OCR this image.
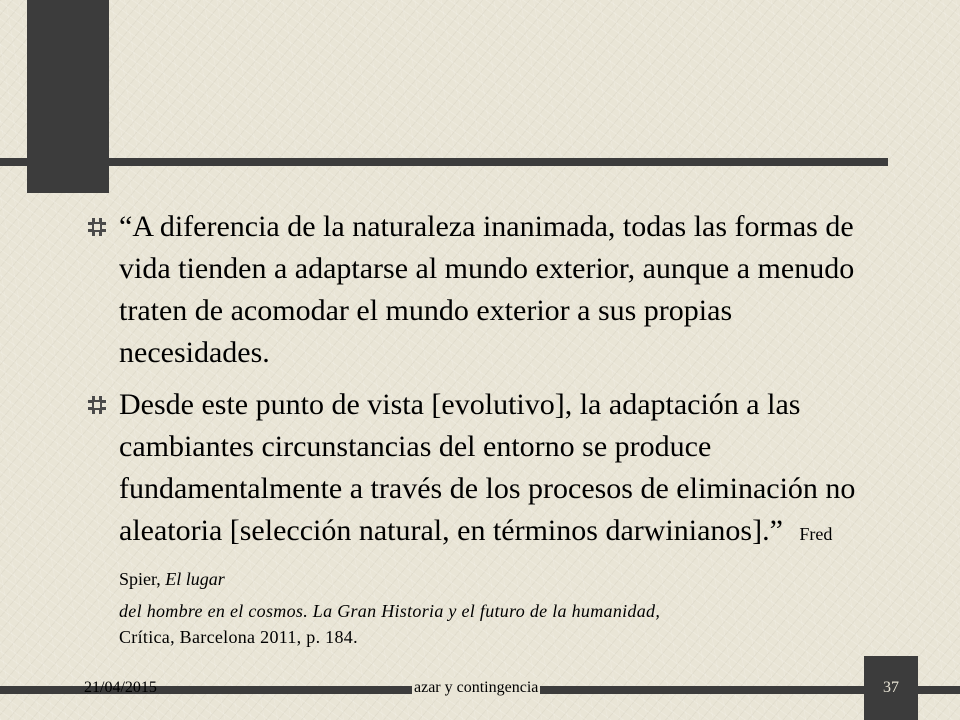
“A diferencia de la naturaleza inanimada, todas las formas de vida tienden a adaptarse al mundo exterior, aunque a menudo traten de acomodar el mundo exterior a sus propias necesidades.
Desde este punto de vista [evolutivo], la adaptación a las cambiantes circunstancias del entorno se produce fundamentalmente a través de los procesos de eliminación no aleatoria [selección natural, en términos darwinianos].” Fred Spier, El lugar
del hombre en el cosmos. La Gran Historia y el futuro de la humanidad,
Crítica, Barcelona 2011, p. 184.
21/04/2015	azar y contingencia	37
